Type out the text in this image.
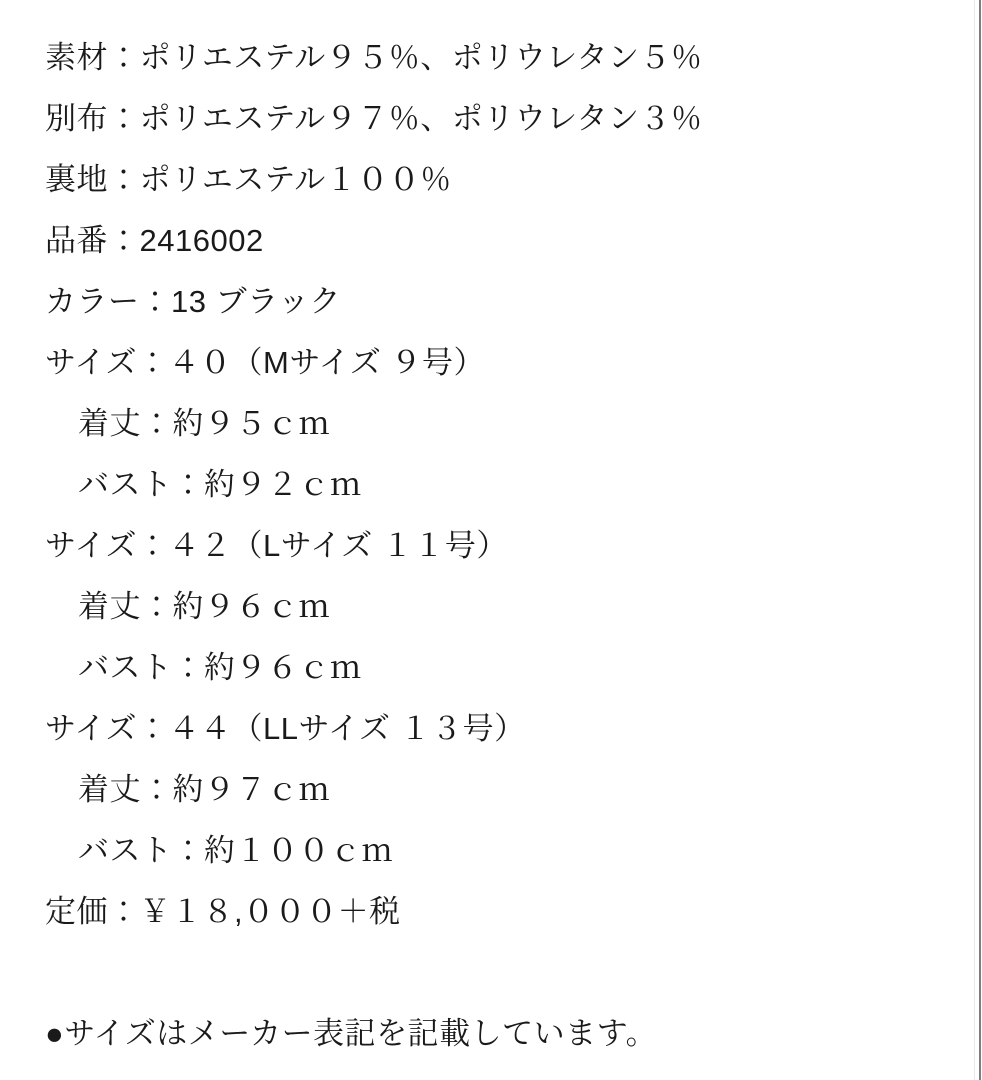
素材：ポリエステル９５％、ポリウレタン５％
別布：ポリエステル９７％、ポリウレタン３％
裏地：ポリエステル１００％
品番：2416002
カラー：13 ブラック
サイズ：４０（Mサイズ ９号）
着丈：約９５ｃｍ
バスト：約９２ｃｍ
サイズ：４２（Lサイズ １１号）
着丈：約９６ｃｍ
バスト：約９６ｃｍ
サイズ：４４（LLサイズ １３号）
着丈：約９７ｃｍ
バスト：約１００ｃｍ
定価：￥１８,０００＋税
●サイズはメーカー表記を記載しています。
